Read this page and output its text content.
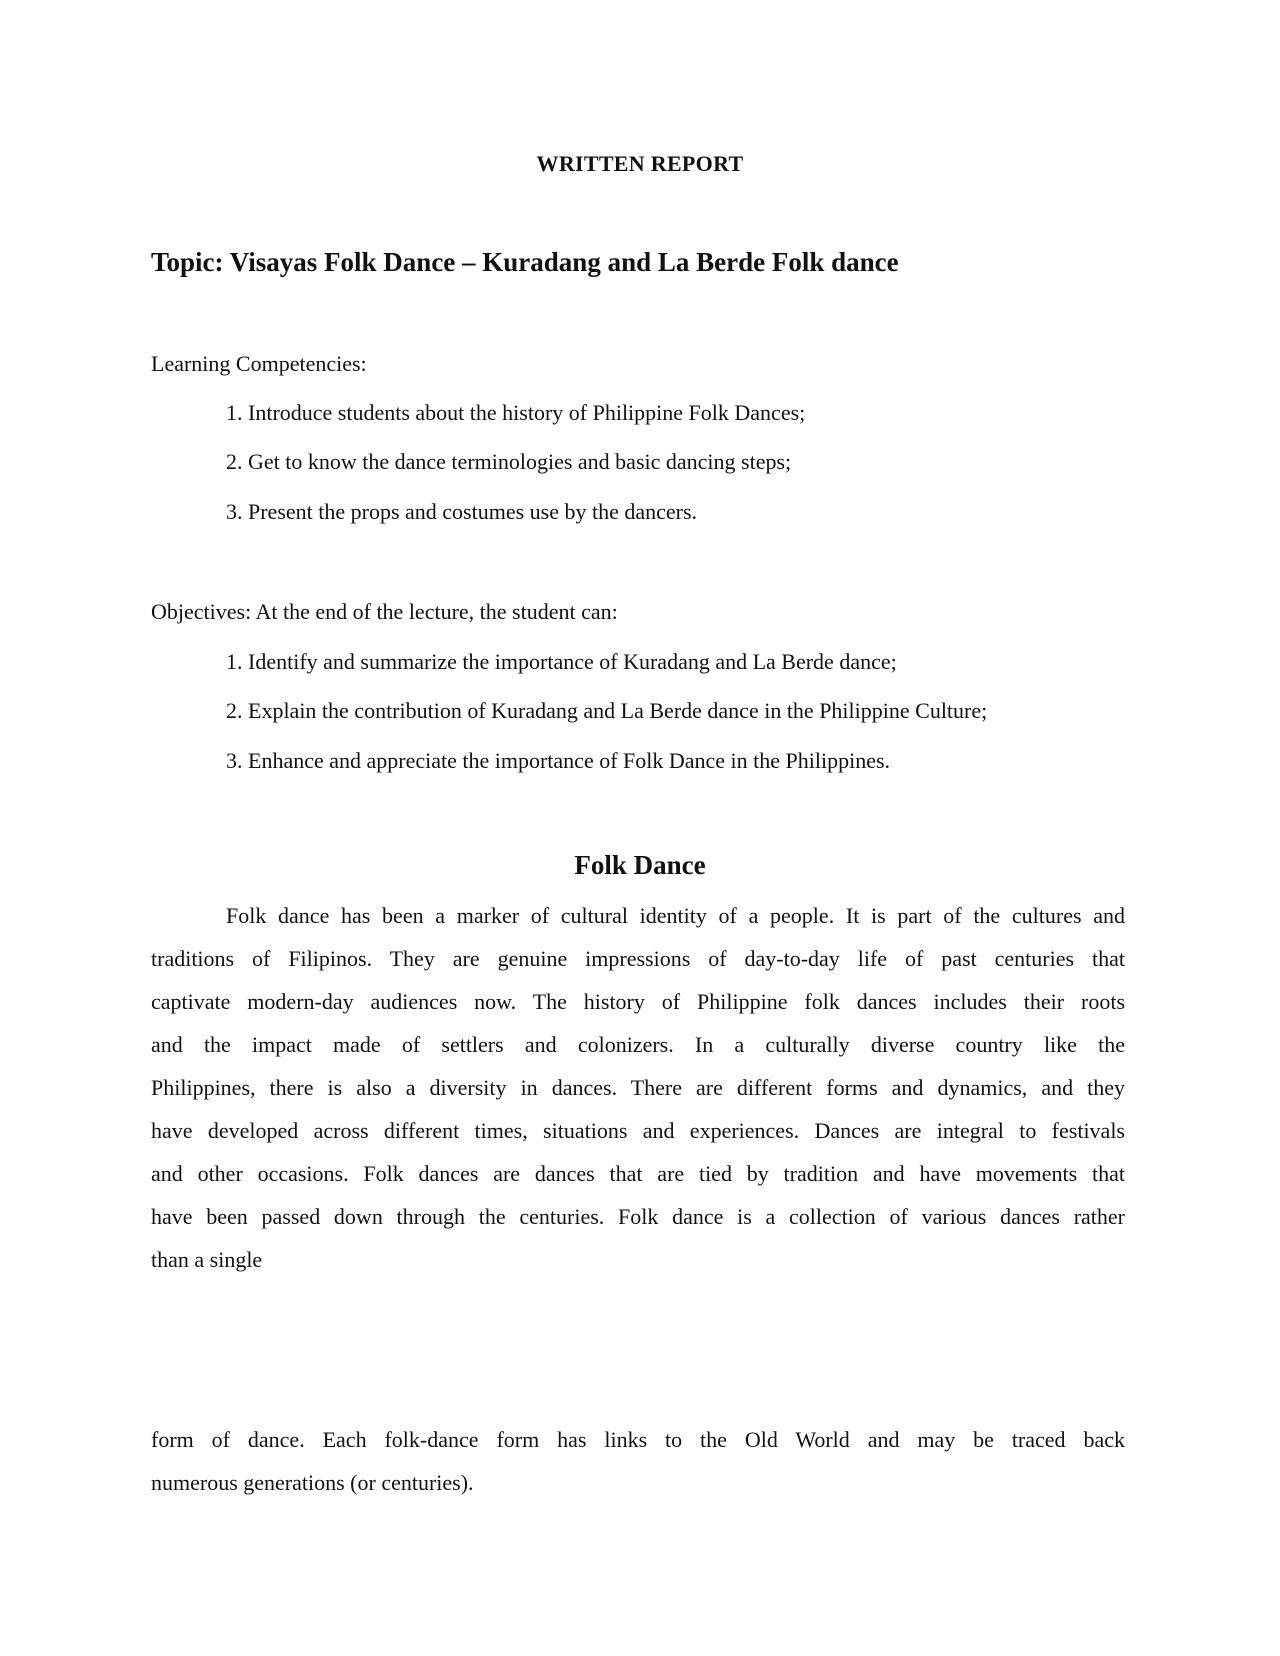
WRITTEN REPORT
Topic: Visayas Folk Dance – Kuradang and La Berde Folk dance
Learning Competencies:
1. Introduce students about the history of Philippine Folk Dances;
2. Get to know the dance terminologies and basic dancing steps;
3. Present the props and costumes use by the dancers.
Objectives: At the end of the lecture, the student can:
1. Identify and summarize the importance of Kuradang and La Berde dance;
2. Explain the contribution of Kuradang and La Berde dance in the Philippine Culture;
3. Enhance and appreciate the importance of Folk Dance in the Philippines.
Folk Dance
Folk dance has been a marker of cultural identity of a people. It is part of the cultures and
traditions of Filipinos. They are genuine impressions of day-to-day life of past centuries that
captivate modern-day audiences now. The history of Philippine folk dances includes their roots
and the impact made of settlers and colonizers. In a culturally diverse country like the
Philippines, there is also a diversity in dances. There are different forms and dynamics, and they
have developed across different times, situations and experiences. Dances are integral to festivals
and other occasions. Folk dances are dances that are tied by tradition and have movements that
have been passed down through the centuries. Folk dance is a collection of various dances rather
than a single
form of dance. Each folk-dance form has links to the Old World and may be traced back
numerous generations (or centuries).
